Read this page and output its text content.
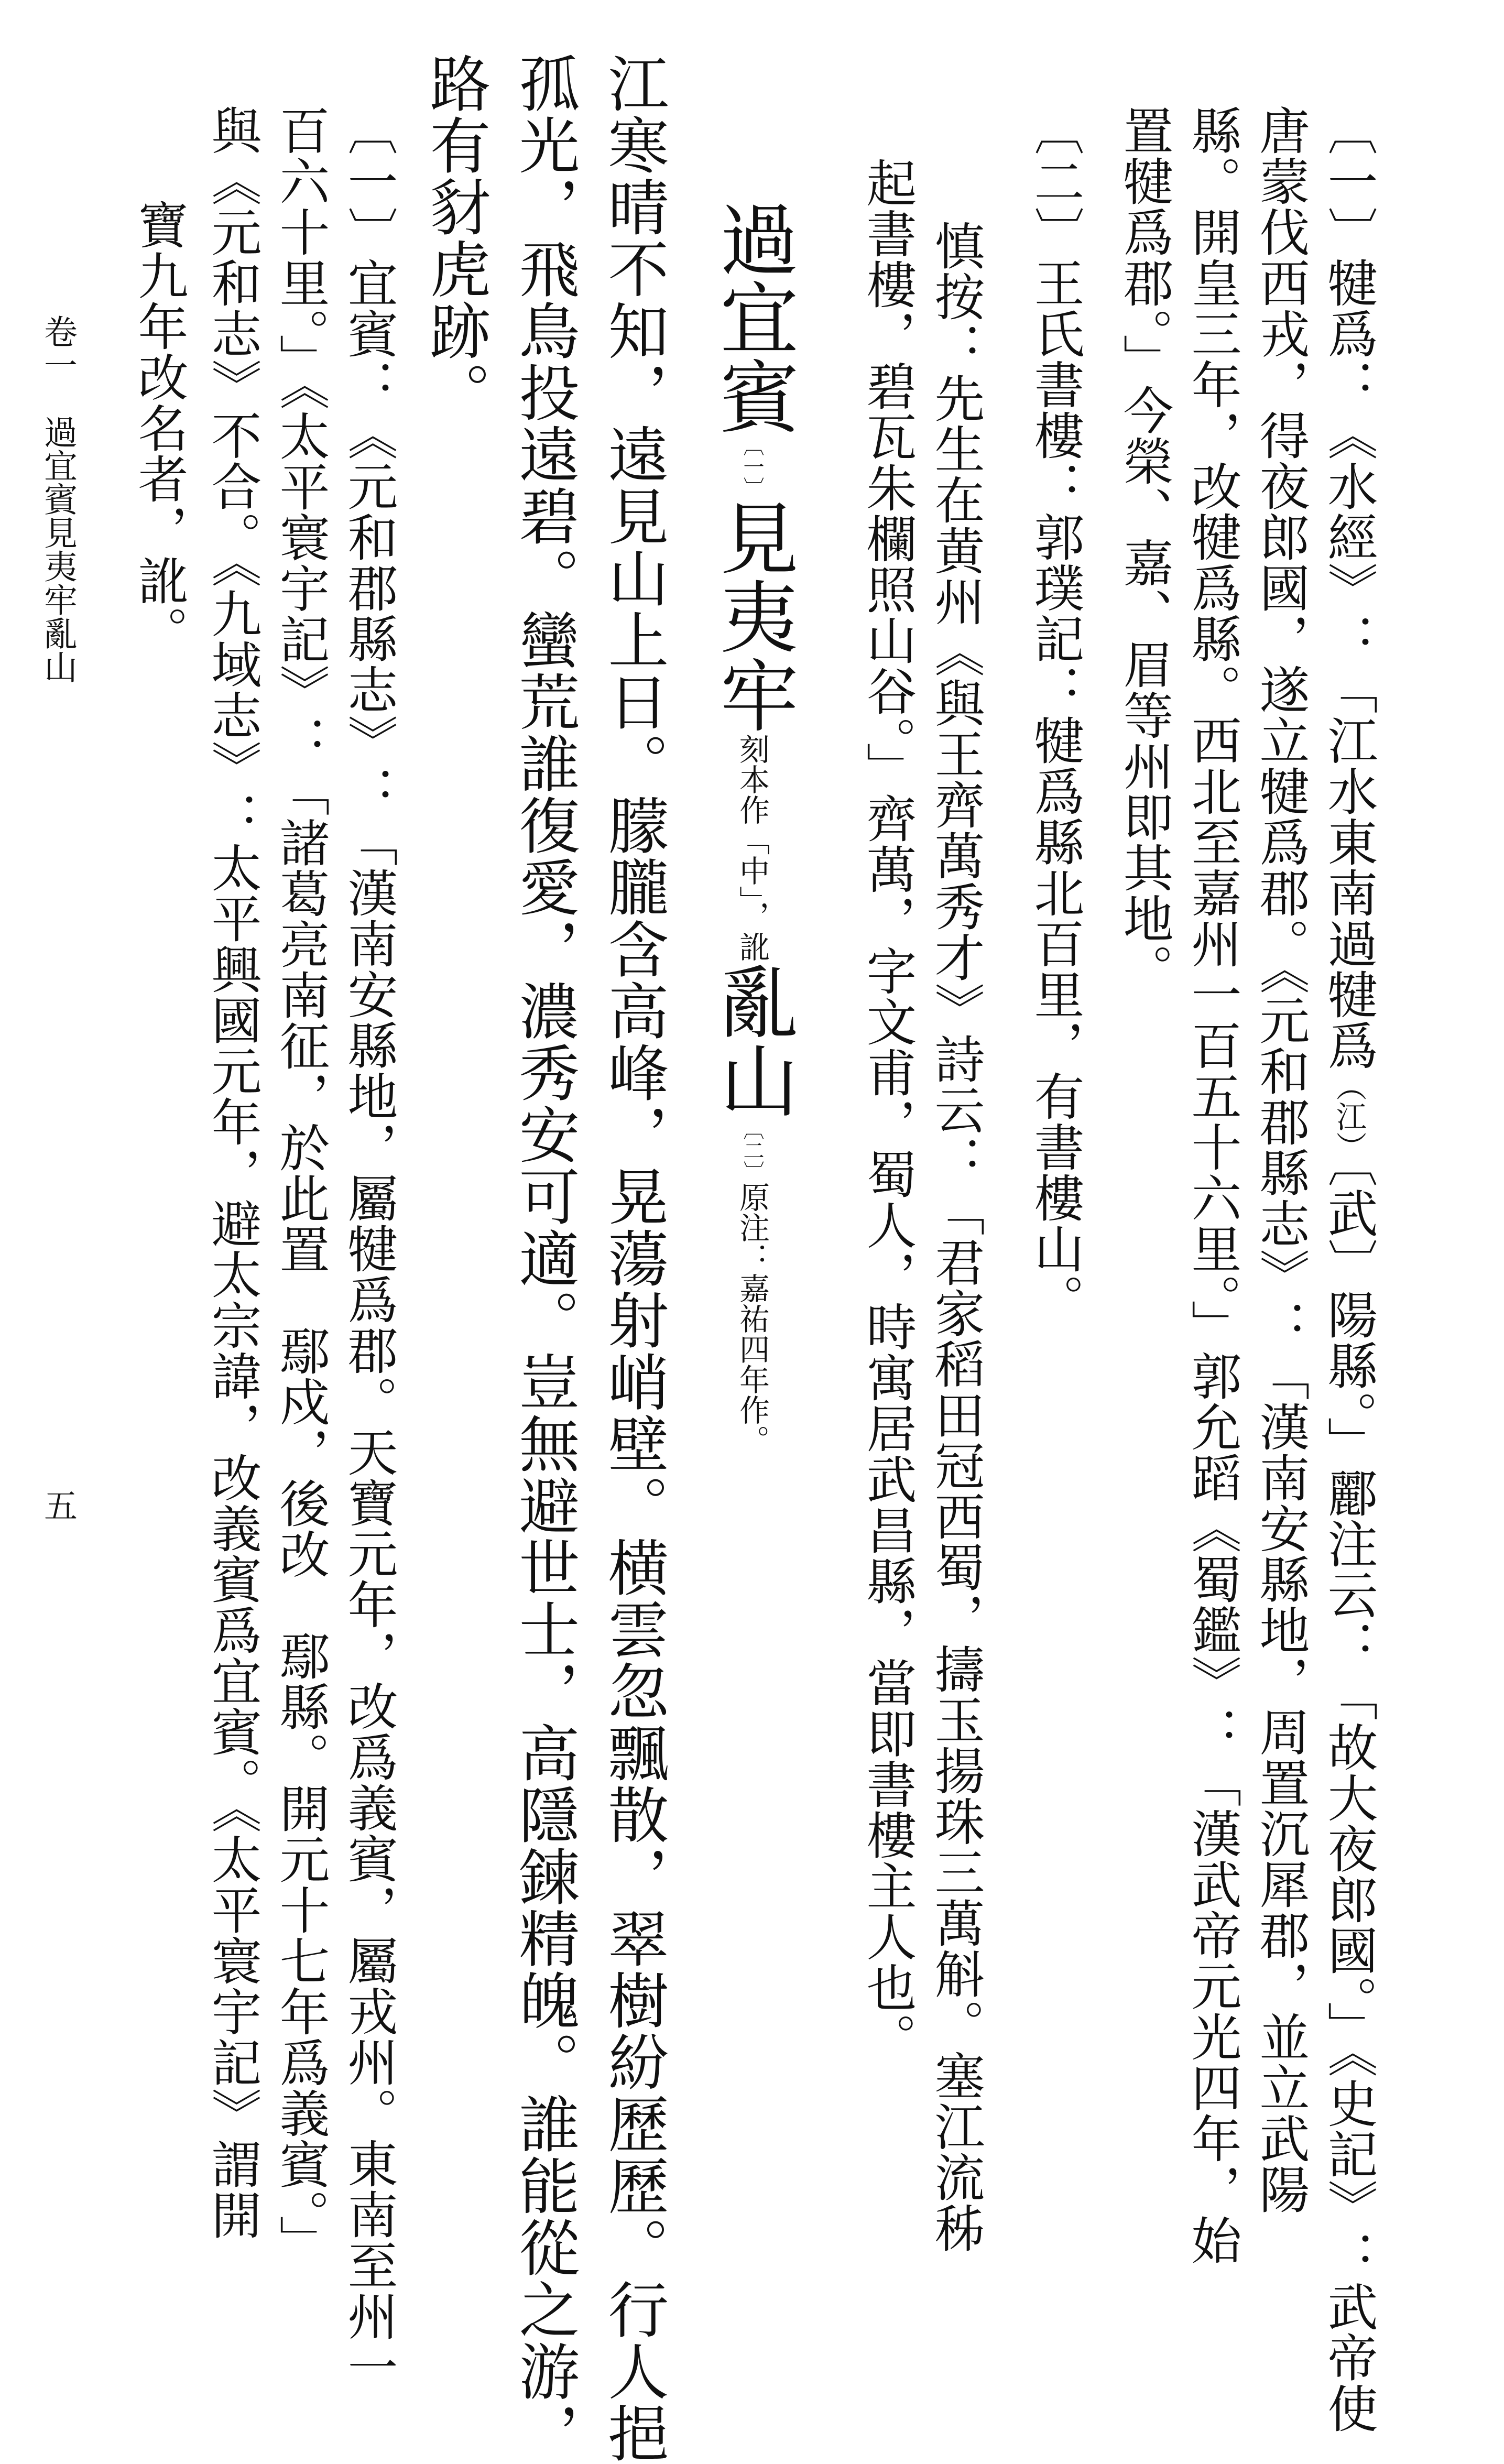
〔一〕犍爲：《水經》：「江水東南過犍爲（江）〔武〕陽縣。」酈注云：「故大夜郎國。」《史記》：武帝使
唐蒙伐西戎，得夜郎國，遂立犍爲郡。《元和郡縣志》：「漢南安縣地，周置沉犀郡，並立武陽
縣。開皇三年，改犍爲縣。西北至嘉州一百五十六里。」郭允蹈《蜀鑑》：「漢武帝元光四年，始
置犍爲郡。」今榮、嘉、眉等州即其地。
〔二〕王氏書樓：郭璞記：犍爲縣北百里，有書樓山。
慎按：先生在黄州《與王齊萬秀才》詩云：「君家稻田冠西蜀，擣玉揚珠三萬斛。塞江流秭
起書樓，碧瓦朱欄照山谷。」齊萬，字文甫，蜀人，時寓居武昌縣，當即書樓主人也。
過宜賓〔一〕見夷牢刻本作「中」，訛亂山〔二〕原注：嘉祐四年作。
江寒晴不知，遠見山上日。朦朧含高峰，晃蕩射峭壁。横雲忽飄散，翠樹紛歷歷。行人挹
孤光，飛鳥投遠碧。蠻荒誰復愛，濃秀安可適。豈無避世士，高隱鍊精魄。誰能從之游，
路有豺虎跡。
〔一〕宜賓：《元和郡縣志》：「漢南安縣地，屬犍爲郡。天寶元年，改爲義賓，屬戎州。東南至州一
百六十里。」《太平寰宇記》：「諸葛亮南征，於此置　鄢戍，後改　鄢縣。開元十七年爲義賓。」
與《元和志》不合。《九域志》：太平興國元年，避太宗諱，改義賓爲宜賓。《太平寰宇記》謂開
寶九年改名者，訛。
卷一　過宜賓見夷牢亂山
五
